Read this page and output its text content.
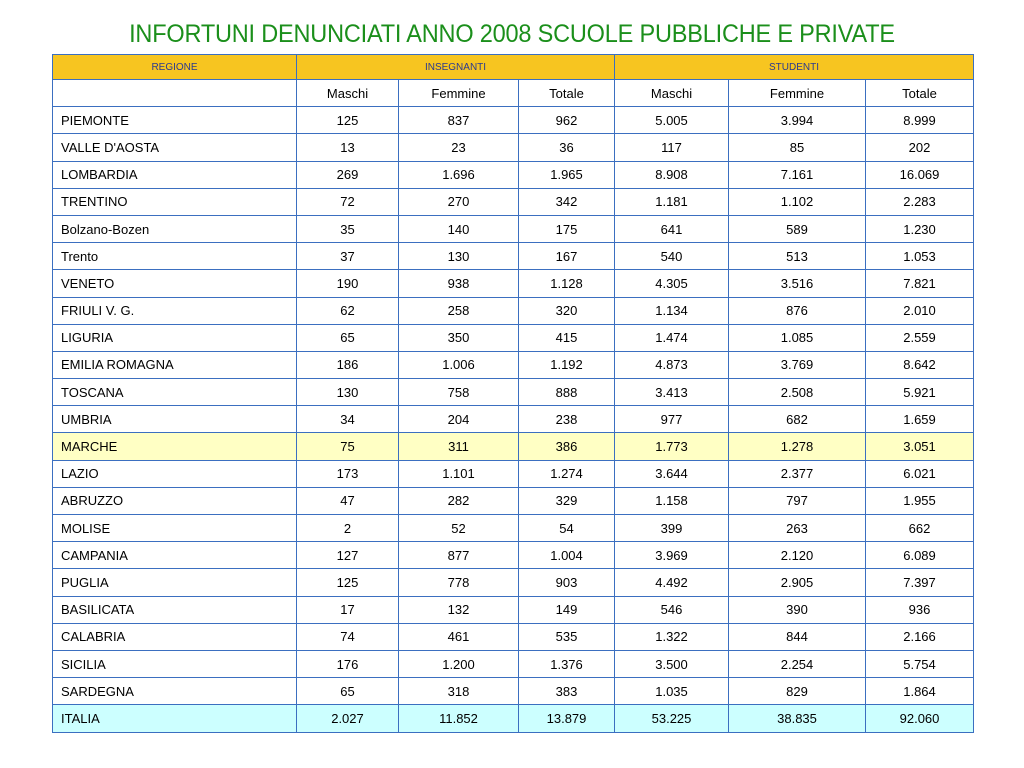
INFORTUNI DENUNCIATI ANNO 2008 SCUOLE PUBBLICHE E PRIVATE
REGIONE	INSEGNANTI			STUDENTI		
	Maschi	Femmine	Totale	Maschi	Femmine	Totale
PIEMONTE	125	837	962	5.005	3.994	8.999
VALLE D'AOSTA	13	23	36	117	85	202
LOMBARDIA	269	1.696	1.965	8.908	7.161	16.069
TRENTINO	72	270	342	1.181	1.102	2.283
Bolzano-Bozen	35	140	175	641	589	1.230
Trento	37	130	167	540	513	1.053
VENETO	190	938	1.128	4.305	3.516	7.821
FRIULI V. G.	62	258	320	1.134	876	2.010
LIGURIA	65	350	415	1.474	1.085	2.559
EMILIA ROMAGNA	186	1.006	1.192	4.873	3.769	8.642
TOSCANA	130	758	888	3.413	2.508	5.921
UMBRIA	34	204	238	977	682	1.659
MARCHE	75	311	386	1.773	1.278	3.051
LAZIO	173	1.101	1.274	3.644	2.377	6.021
ABRUZZO	47	282	329	1.158	797	1.955
MOLISE	2	52	54	399	263	662
CAMPANIA	127	877	1.004	3.969	2.120	6.089
PUGLIA	125	778	903	4.492	2.905	7.397
BASILICATA	17	132	149	546	390	936
CALABRIA	74	461	535	1.322	844	2.166
SICILIA	176	1.200	1.376	3.500	2.254	5.754
SARDEGNA	65	318	383	1.035	829	1.864
ITALIA	2.027	11.852	13.879	53.225	38.835	92.060
